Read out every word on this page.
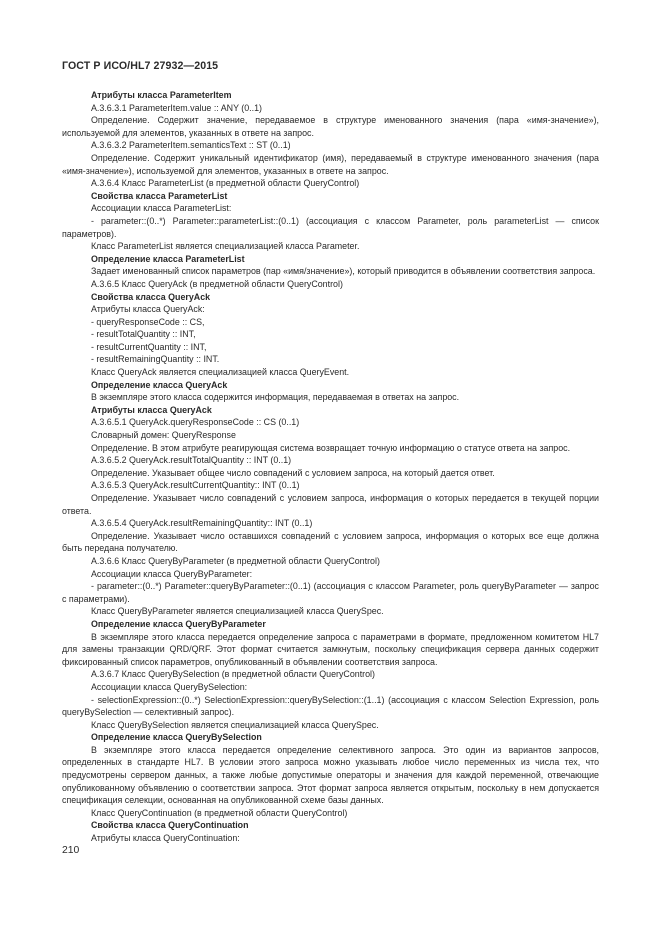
ГОСТ Р ИСО/HL7 27932—2015

Атрибуты класса ParameterItem

А.3.6.3.1 ParameterItem.value :: ANY (0..1)

Определение. Содержит значение, передаваемое в структуре именованного значения (пара «имя-значение»), используемой для элементов, указанных в ответе на запрос.

А.3.6.3.2 ParameterItem.semanticsText :: ST (0..1)

Определение. Содержит уникальный идентификатор (имя), передаваемый в структуре именованного значения (пара «имя-значение»), используемой для элементов, указанных в ответе на запрос.

А.3.6.4 Класс ParameterList (в предметной области QueryControl)

Свойства класса ParameterList

Ассоциации класса ParameterList:

- parameter::(0..*) Parameter::parameterList::(0..1) (ассоциация с классом Parameter, роль parameterList — список параметров).

Класс ParameterList является специализацией класса Parameter.

Определение класса ParameterList

Задает именованный список параметров (пар «имя/значение»), который приводится в объявлении соответствия запроса.

А.3.6.5 Класс QueryAck (в предметной области QueryControl)

Свойства класса QueryAck

Атрибуты класса QueryAck:

- queryResponseCode :: CS,

- resultTotalQuantity :: INT,

- resultCurrentQuantity :: INT,

- resultRemainingQuantity :: INT.

Класс QueryAck является специализацией класса QueryEvent.

Определение класса QueryAck

В экземпляре этого класса содержится информация, передаваемая в ответах на запрос.

Атрибуты класса QueryAck

А.3.6.5.1 QueryAck.queryResponseCode :: CS (0..1)

Словарный домен: QueryResponse

Определение. В этом атрибуте реагирующая система возвращает точную информацию о статусе ответа на запрос.

А.3.6.5.2 QueryAck.resultTotalQuantity :: INT (0..1)

Определение. Указывает общее число совпадений с условием запроса, на который дается ответ.

А.3.6.5.3 QueryAck.resultCurrentQuantity:: INT (0..1)

Определение. Указывает число совпадений с условием запроса, информация о которых передается в текущей порции ответа.

А.3.6.5.4 QueryAck.resultRemainingQuantity:: INT (0..1)

Определение. Указывает число оставшихся совпадений с условием запроса, информация о которых все еще должна быть передана получателю.

А.3.6.6 Класс QueryByParameter (в предметной области QueryControl)

Ассоциации класса QueryByParameter:

- parameter::(0..*) Parameter::queryByParameter::(0..1) (ассоциация с классом Parameter, роль queryByParameter — запрос с параметрами).

Класс QueryByParameter является специализацией класса QuerySpec.

Определение класса QueryByParameter

В экземпляре этого класса передается определение запроса с параметрами в формате, предложенном комитетом HL7 для замены транзакции QRD/QRF. Этот формат считается замкнутым, поскольку спецификация сервера данных содержит фиксированный список параметров, опубликованный в объявлении соответствия запроса.

А.3.6.7 Класс QueryBySelection (в предметной области QueryControl)

Ассоциации класса QueryBySelection:

- selectionExpression::(0..*) SelectionExpression::queryBySelection::(1..1) (ассоциация с классом Selection Expression, роль queryBySelection — селективный запрос).

Класс QueryBySelection является специализацией класса QuerySpec.

Определение класса QueryBySelection

В экземпляре этого класса передается определение селективного запроса. Это один из вариантов запросов, определенных в стандарте HL7. В условии этого запроса можно указывать любое число переменных из числа тех, что предусмотрены сервером данных, а также любые допустимые операторы и значения для каждой переменной, отвечающие опубликованному объявлению о соответствии запроса. Этот формат запроса является открытым, поскольку в нем допускается спецификация селекции, основанная на опубликованной схеме базы данных.

Класс QueryContinuation (в предметной области QueryControl)

Свойства класса QueryContinuation

Атрибуты класса QueryContinuation:

210
